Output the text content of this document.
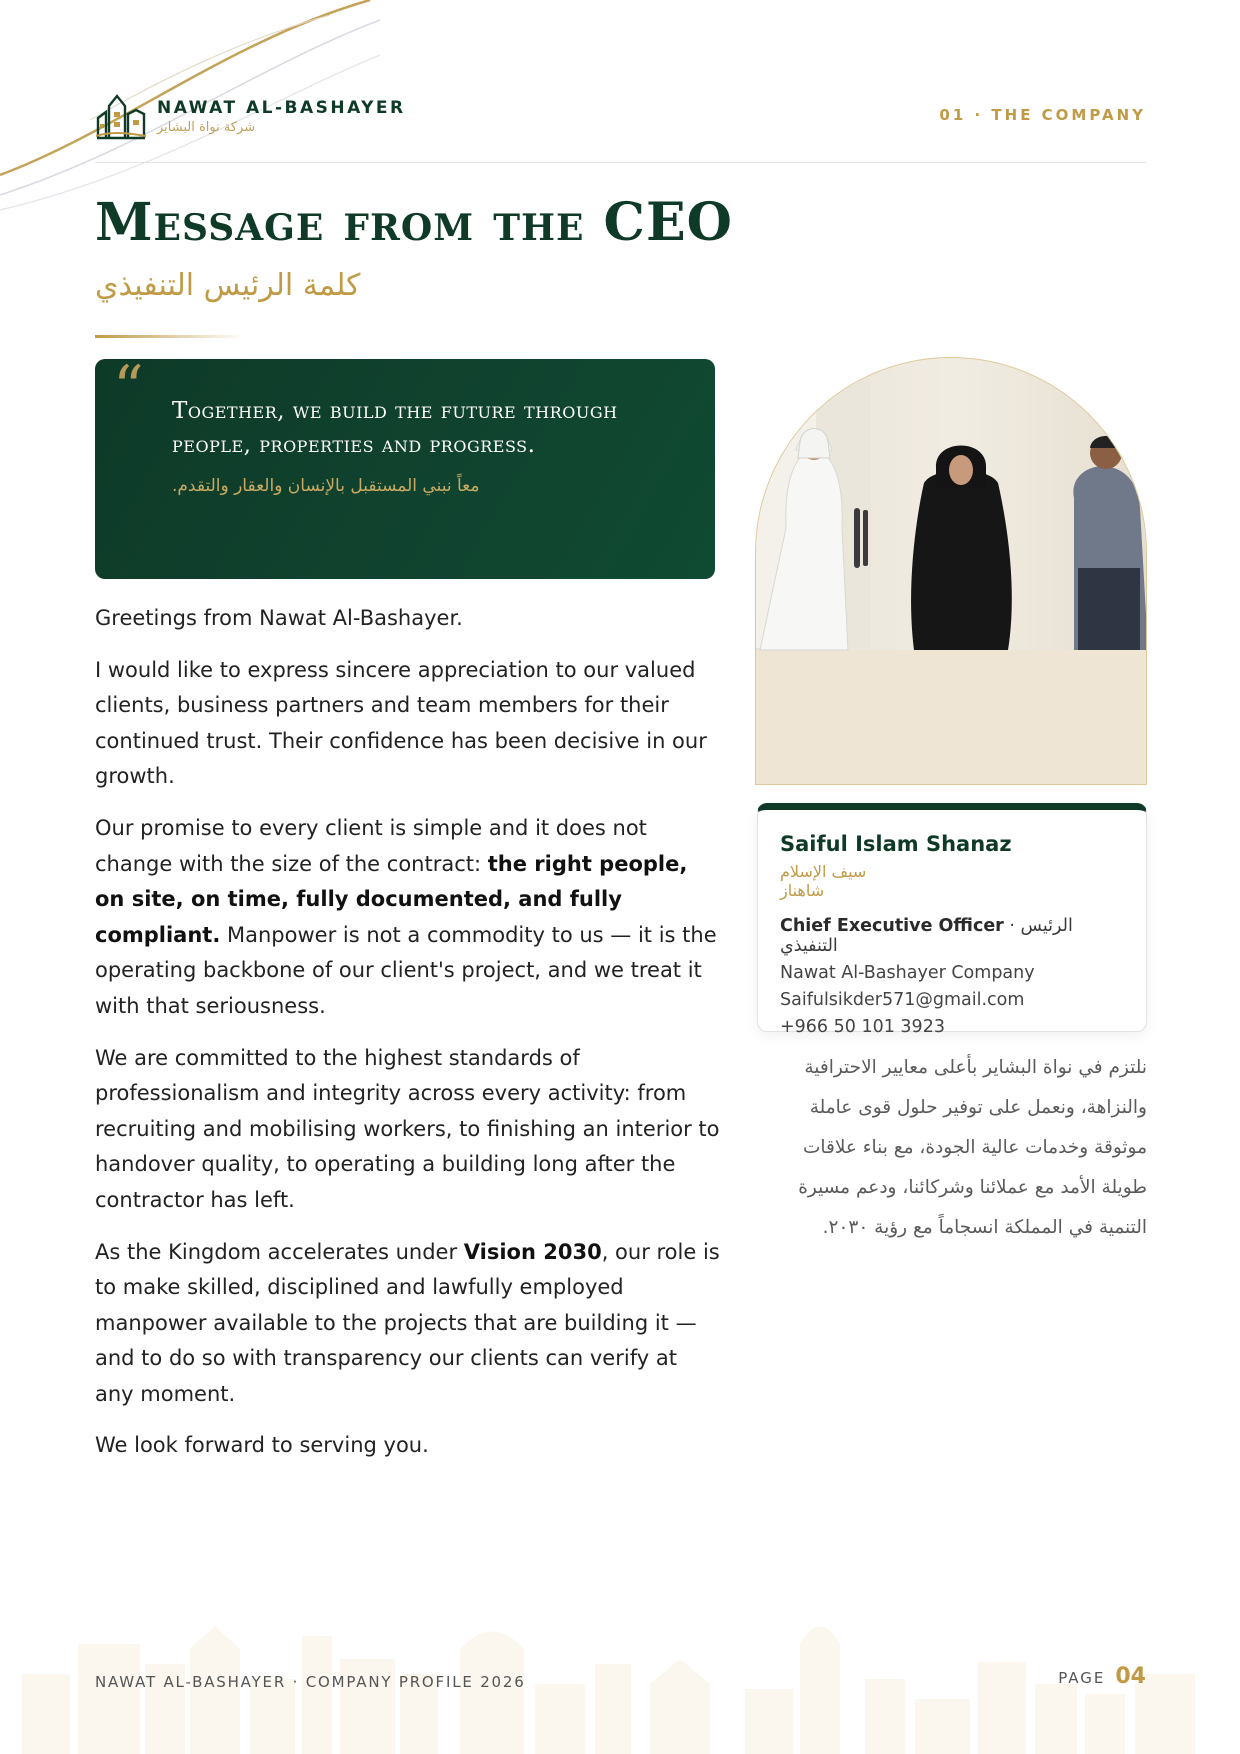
NAWAT AL-BASHAYER
شركة نواة البشاير
01 · THE COMPANY
Message from the CEO
كلمة الرئيس التنفيذي
“ Together, we build the future through people, properties and progress.
معاً نبني المستقبل بالإنسان والعقار والتقدم.

Greetings from Nawat Al-Bashayer.

I would like to express sincere appreciation to our valued clients, business partners and team members for their continued trust. Their confidence has been decisive in our growth.

Our promise to every client is simple and it does not change with the size of the contract: the right people, on site, on time, fully documented, and fully compliant. Manpower is not a commodity to us — it is the operating backbone of our client's project, and we treat it with that seriousness.

We are committed to the highest standards of professionalism and integrity across every activity: from recruiting and mobilising workers, to finishing an interior to handover quality, to operating a building long after the contractor has left.

As the Kingdom accelerates under Vision 2030, our role is to make skilled, disciplined and lawfully employed manpower available to the projects that are building it — and to do so with transparency our clients can verify at any moment.

We look forward to serving you.

Saiful Islam Shanaz
سيف الإسلام شاهناز
Chief Executive Officer · الرئيس التنفيذي
Nawat Al-Bashayer Company
Saifulsikder571@gmail.com
+966 50 101 3923
نلتزم في نواة البشاير بأعلى معايير الاحترافية والنزاهة، ونعمل على توفير حلول قوى عاملة موثوقة وخدمات عالية الجودة، مع بناء علاقات طويلة الأمد مع عملائنا وشركائنا، ودعم مسيرة التنمية في المملكة انسجاماً مع رؤية ٢٠٣٠.
NAWAT AL-BASHAYER · COMPANY PROFILE 2026	PAGE 04
